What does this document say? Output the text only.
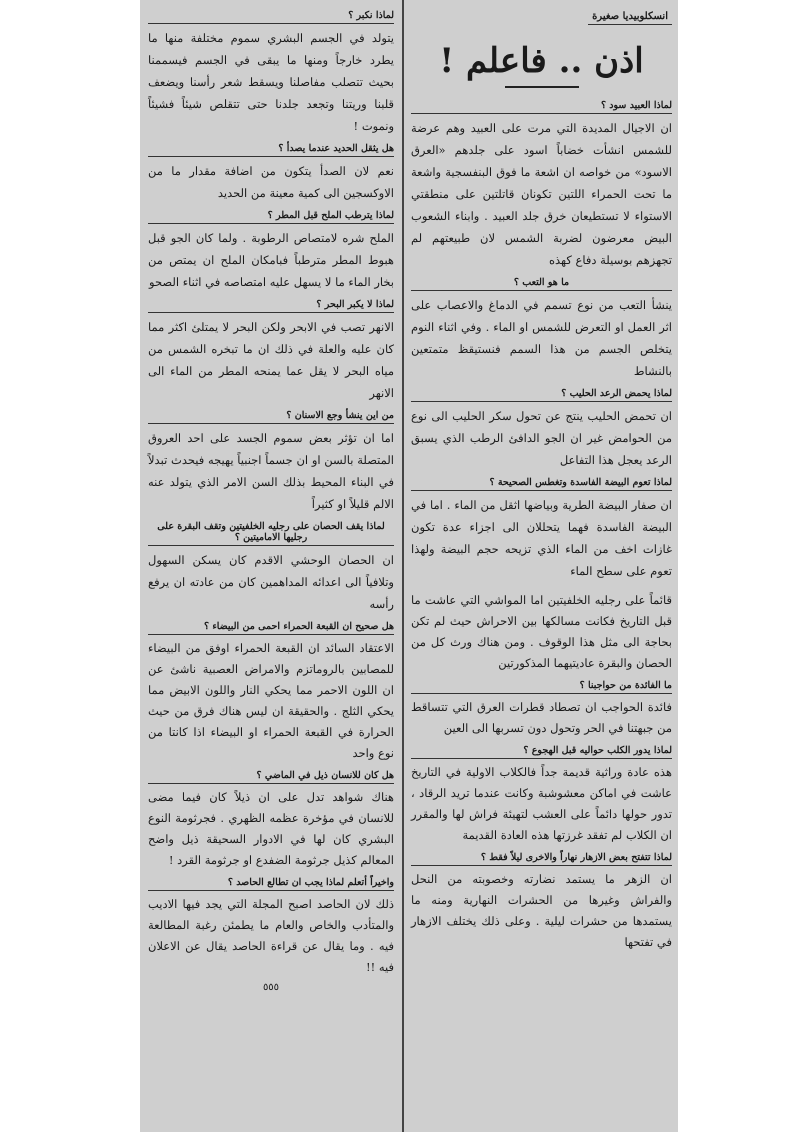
انسكلوبيديا صغيرة
اذن .. فاعلم !
لماذا العبيد سود ؟

ان الاجيال المديدة التي مرت على العبيد وهم عرضة للشمس انشأت خضاباً اسود على جلدهم «العرق الاسود» من خواصه ان اشعة ما فوق البنفسجية واشعة ما تحت الحمراء اللتين تكونان قاتلتين على منطقتي الاستواء لا تستطيعان خرق جلد العبيد . وابناء الشعوب البيض معرضون لضربة الشمس لان طبيعتهم لم تجهزهم بوسيلة دفاع كهذه

ما هو التعب ؟

ينشأ التعب من نوع تسمم في الدماغ والاعصاب على اثر العمل او التعرض للشمس او الماء . وفي اثناء النوم يتخلص الجسم من هذا السمم فنستيقظ متمتعين بالنشاط

لماذا يحمض الرعد الحليب ؟

ان تحمض الحليب ينتج عن تحول سكر الحليب الى نوع من الحوامض غير ان الجو الدافئ الرطب الذي يسبق الرعد يعجل هذا التفاعل

لماذا تعوم البيضة الفاسدة وتغطس الصحيحة ؟

ان صفار البيضة الطرية وبياضها اثقل من الماء . اما في البيضة الفاسدة فهما يتحللان الى اجزاء عدة تكون غازات اخف من الماء الذي تزيحه حجم البيضة ولهذا تعوم على سطح الماء

قائماً على رجليه الخلفيتين اما المواشي التي عاشت ما قبل التاريخ فكانت مسالكها بين الاحراش حيث لم تكن بحاجة الى مثل هذا الوقوف . ومن هناك ورث كل من الحصان والبقرة عاديتيهما المذكورتين

ما الفائدة من حواجبنا ؟

فائدة الحواجب ان تصطاد قطرات العرق التي تتساقط من جبهتنا في الحر وتحول دون تسربها الى العين

لماذا يدور الكلب حواليه قبل الهجوع ؟

هذه عادة وراثية قديمة جداً فالكلاب الاولية في التاريخ عاشت في اماكن معشوشبة وكانت عندما تريد الرقاد ، تدور حولها دائماً على العشب لتهيئة فراش لها والمقرر ان الكلاب لم تفقد غرزتها هذه العادة القديمة

لماذا تتفتح بعض الازهار نهاراً والاخرى ليلاً فقط ؟

ان الزهر ما يستمد نضارته وخصوبته من النحل والفراش وغيرها من الحشرات النهارية ومنه ما يستمدها من حشرات ليلية . وعلى ذلك يختلف الازهار في تفتحها

لماذا نكبر ؟

يتولد في الجسم البشري سموم مختلفة منها ما يطرد خارجاً ومنها ما يبقى في الجسم فيسممنا بحيث تتصلب مفاصلنا ويسقط شعر رأسنا ويضعف قلبنا وريتنا وتجعد جلدنا حتى تتقلص شيئاً فشيئاً ونموت !

هل يثقل الحديد عندما يصدأ ؟

نعم لان الصدأ يتكون من اضافة مقدار ما من الاوكسجين الى كمية معينة من الحديد

لماذا يترطب الملح قبل المطر ؟

الملح شره لامتصاص الرطوبة . ولما كان الجو قبل هبوط المطر مترطباً فبامكان الملح ان يمتص من بخار الماء ما لا يسهل عليه امتصاصه في اثناء الصحو

لماذا لا يكبر البحر ؟

الانهر تصب في الابحر ولكن البحر لا يمتلئ اكثر مما كان عليه والعلة في ذلك ان ما تبخره الشمس من مياه البحر لا يقل عما يمنحه المطر من الماء الى الانهر

من اين ينشأ وجع الاسنان ؟

اما ان تؤثر بعض سموم الجسد على احد العروق المتصلة بالسن او ان جسماً اجنبياً يهيجه فيحدث تبدلاً في البناء المحيط بذلك السن الامر الذي يتولد عنه الالم قليلاً او كثيراً

لماذا يقف الحصان على رجليه الخلفيتين وتقف البقرة على رجليها الاماميتين ؟

ان الحصان الوحشي الاقدم كان يسكن السهول وتلافياً الى اعدائه المداهمين كان من عادته ان يرفع رأسه

هل صحيح ان القبعة الحمراء احمى من البيضاء ؟

الاعتقاد السائد ان القبعة الحمراء اوفق من البيضاء للمصابين بالروماتزم والامراض العصبية ناشئ عن ان اللون الاحمر مما يحكي النار واللون الابيض مما يحكي الثلج . والحقيقة ان ليس هناك فرق من حيث الحرارة في القبعة الحمراء او البيضاء اذا كانتا من نوع واحد

هل كان للانسان ذيل في الماضي ؟

هناك شواهد تدل على ان ذيلاً كان فيما مضى للانسان في مؤخرة عظمه الظهري . فجرثومة النوع البشري كان لها في الادوار السحيقة ذيل واضح المعالم كذيل جرثومة الضفدع او جرثومة القرد !

واخيراً أتعلم لماذا يجب ان تطالع الحاصد ؟

ذلك لان الحاصد اصبح المجلة التي يجد فيها الاديب والمتأدب والخاص والعام ما يطمئن رغبة المطالعة فيه . وما يقال عن قراءة الحاصد يقال عن الاعلان فيه !!

٥٥٥
